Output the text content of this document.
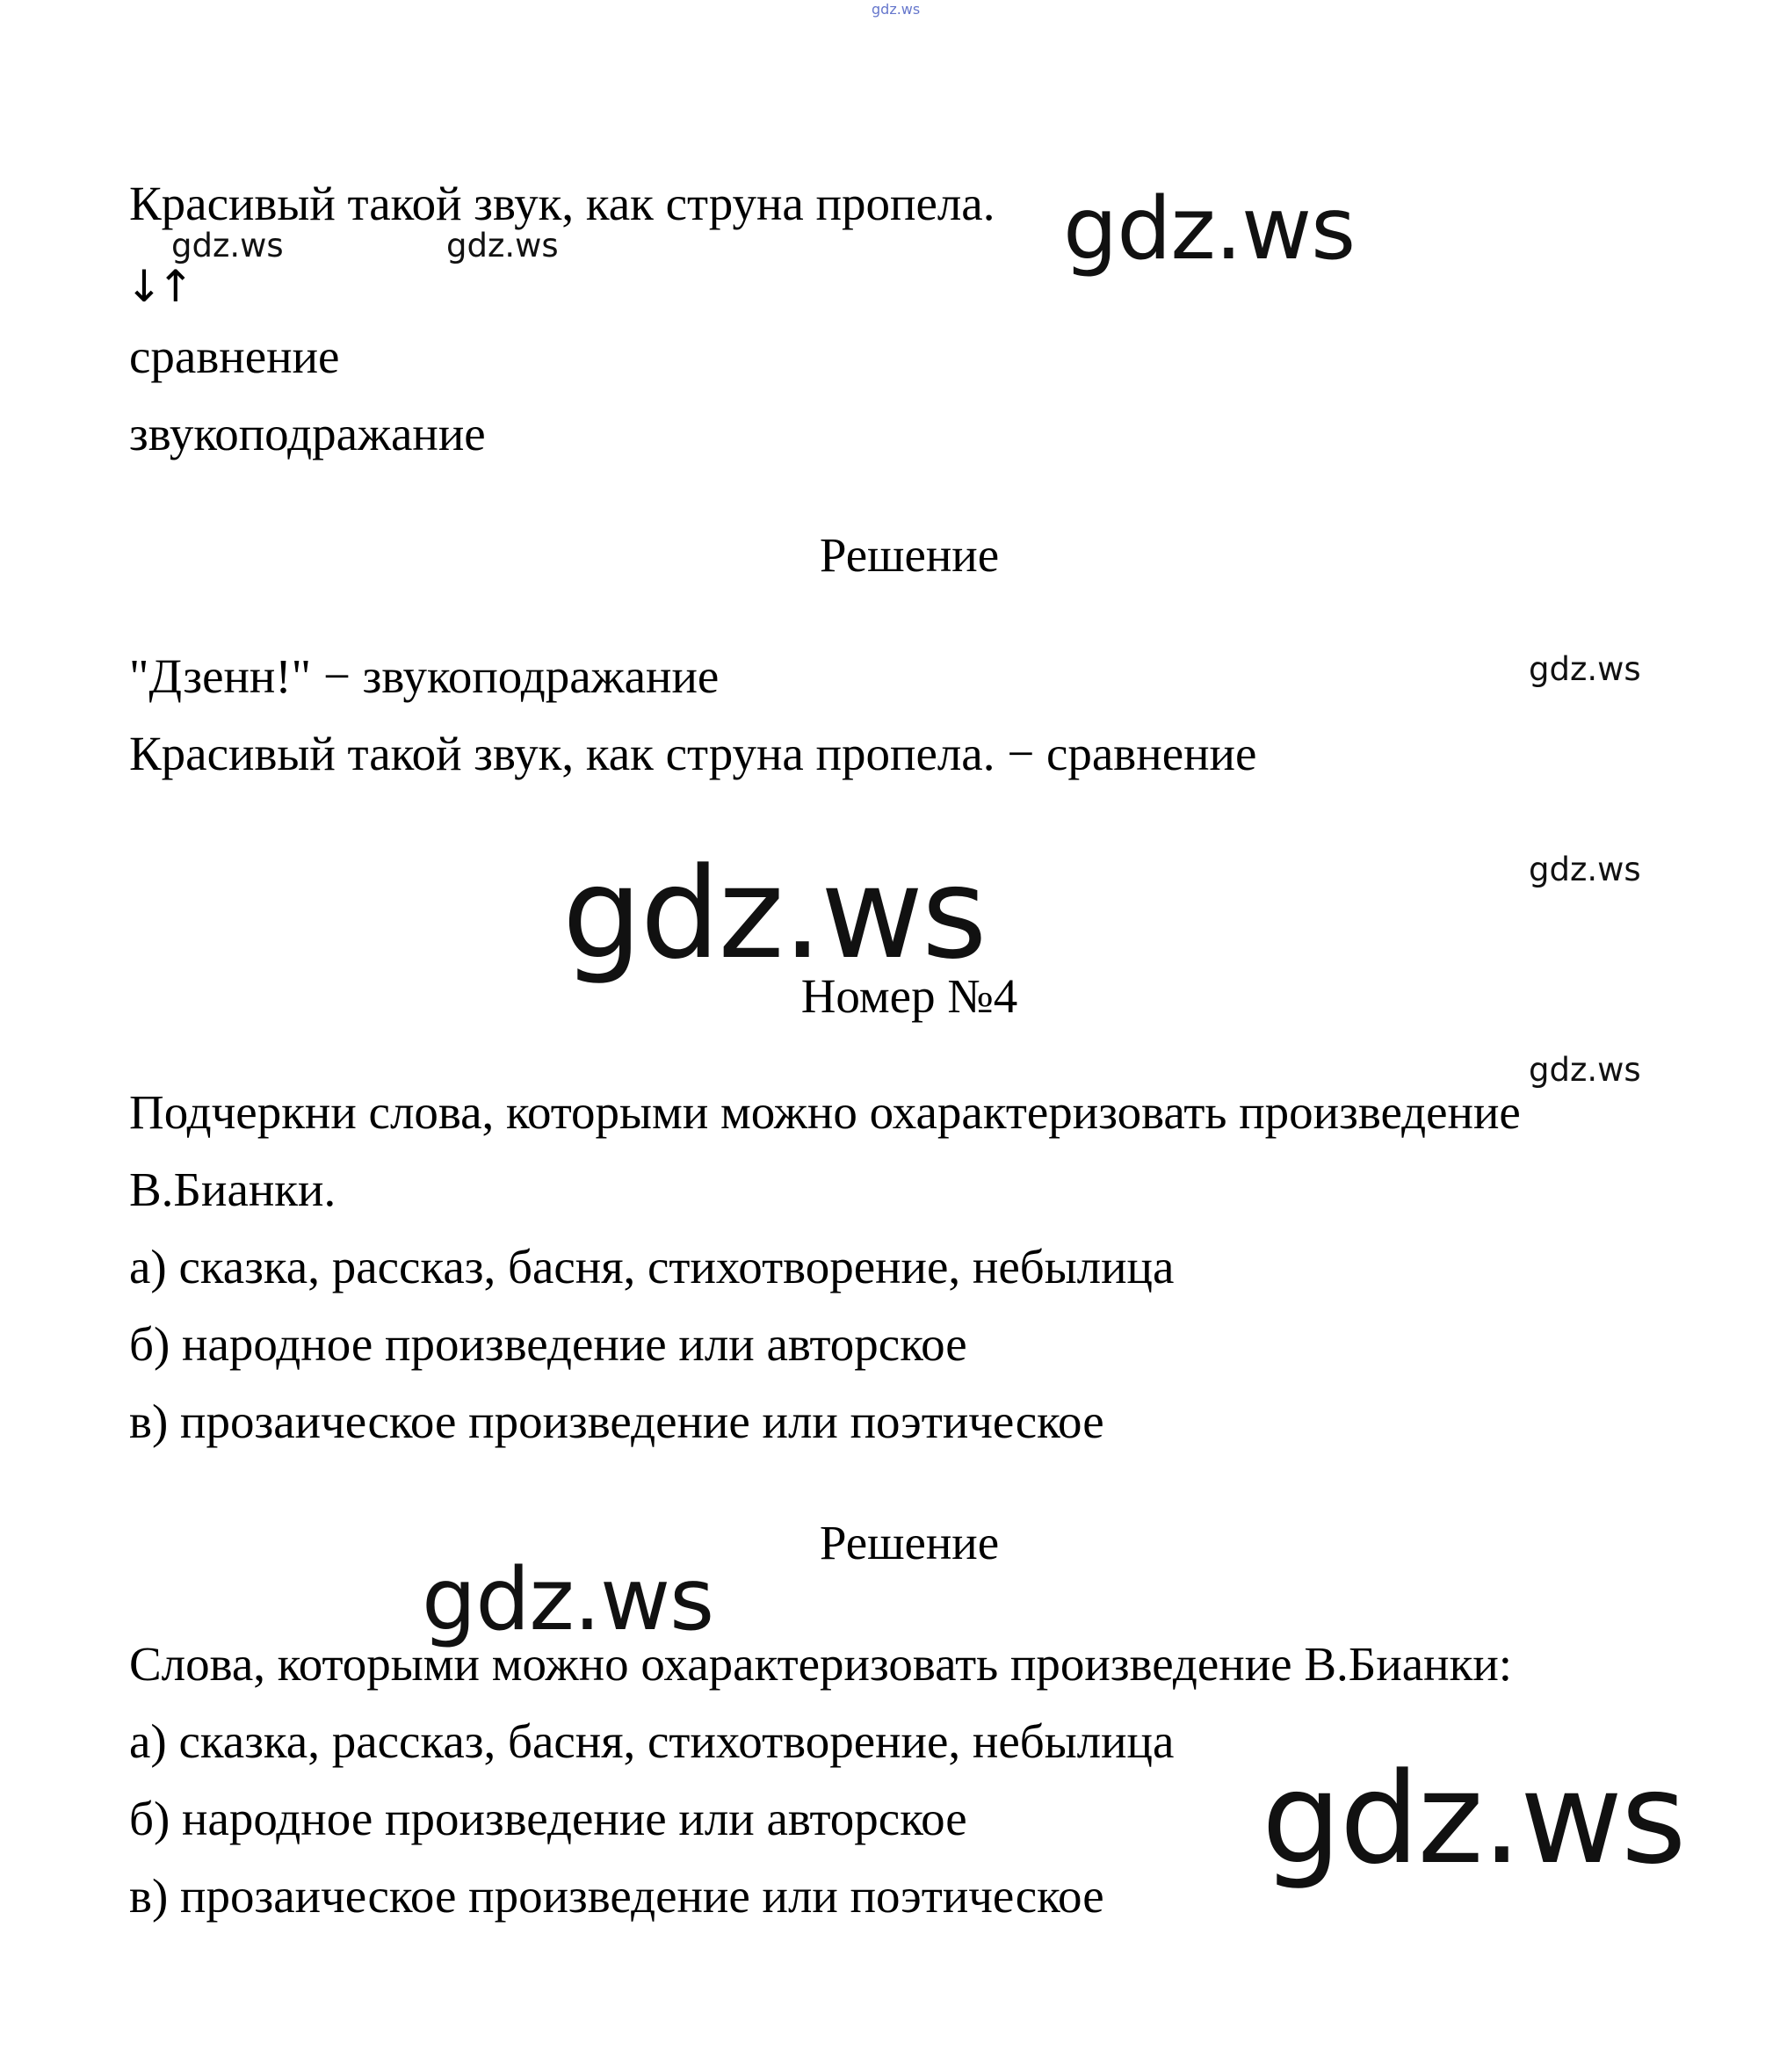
gdz.ws
Красивый такой звук, как струна пропела. gdz.ws
gdz.ws	gdz.ws
↓↑
сравнение
звукоподражание
Решение
"Дзенн!" − звукоподражание	gdz.ws
Красивый такой звук, как струна пропела. − сравнение
gdz.ws
gdz.ws
Номер №4
gdz.ws
Подчеркни слова, которыми можно охарактеризовать произведение
В.Бианки.
а) сказка, рассказ, басня, стихотворение, небылица
б) народное произведение или авторское
в) прозаическое произведение или поэтическое
Решение
gdz.ws
Слова, которыми можно охарактеризовать произведение В.Бианки:
а) сказка, рассказ, басня, стихотворение, небылица
б) народное произведение или авторское gdz.ws
в) прозаическое произведение или поэтическое
